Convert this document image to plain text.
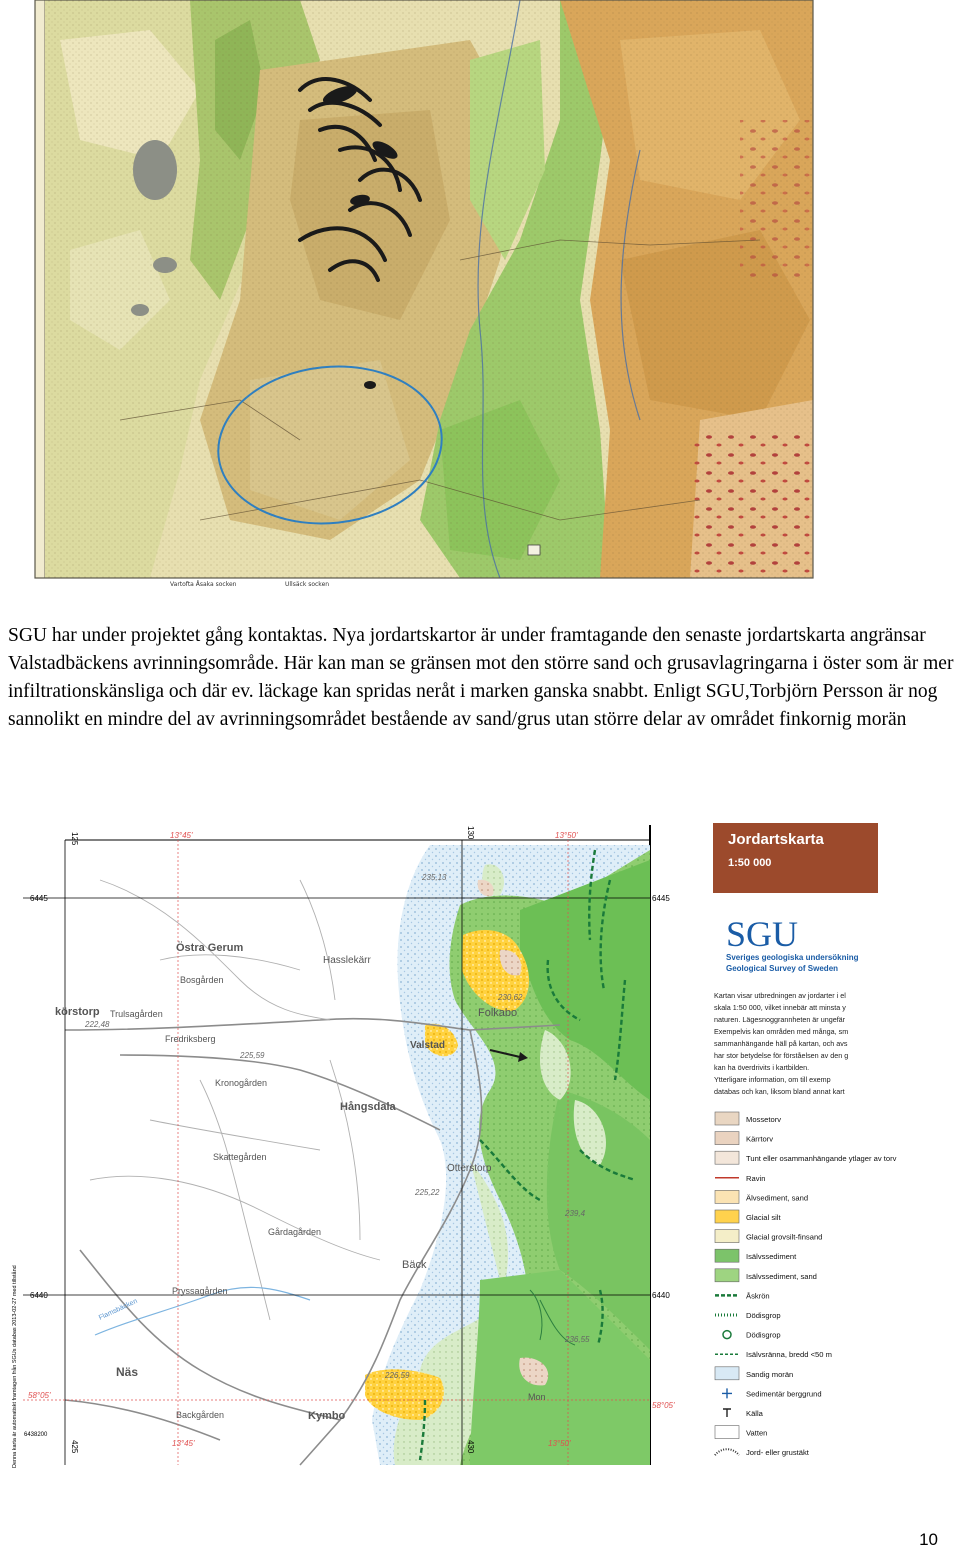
Vartofta Åsaka socken	Ullsäck socken

SGU har under projektet gång kontaktas. Nya jordartskartor är under framtagande den senaste jordartskarta angränsar Valstadbäckens avrinningsområde. Här kan man se gränsen mot den större sand och grusavlagringarna i öster som är mer infiltrationskänsliga och där ev. läckage kan spridas neråt i marken ganska snabbt. Enligt SGU,Torbjörn Persson är nog sannolikt en mindre del av avrinningsområdet bestående av sand/grus utan större delar av området finkornig morän

Östra Gerum
Hasslekärr
Bosgården
körstorp Trulsagården
Fredriksberg
Folkabo
Valstad
Kronogården
Hångsdala
Skattegården
Otterstorp
Gårdagården
Bäck
Pryssagården
Näs
Backgården	Kymbo
Mon
Flamsbäcken
235,13
222,48
230,62
225,59
225,22
239,4
226,59
236,55
125	130
425	430
6445	6445
6440	6440
6438200
13°45'	13°50'
13°45'	13°50'
58°05'
58°05'
Denna karta är automatiskt framtagen från SGUs databas 2013-02-27 med tillstånd
Jordartskarta
1:50 000
SGU
Sveriges geologiska undersökning
Geological Survey of Sweden
Kartan visar utbredningen av jordarter i el
skala 1:50 000, vilket innebär att minsta y
naturen. Lägesnoggrannheten är ungefär
Exempelvis kan områden med många, sm
sammanhängande häll på kartan, och avs
har stor betydelse för förståelsen av den g
kan ha överdrivits i kartbilden.
Ytterligare information, om till exemp
databas och kan, liksom bland annat kart
Mossetorv
Kärrtorv
Tunt eller osammanhängande ytlager av torv
Ravin
Älvsediment, sand
Glacial silt
Glacial grovsilt-finsand
Isälvssediment
Isälvssediment, sand
Åskrön
Dödisgrop
Dödisgrop
Isälvsränna, bredd <50 m
Sandig morän
Sedimentär berggrund
Källa
Vatten
Jord- eller grustäkt
10
